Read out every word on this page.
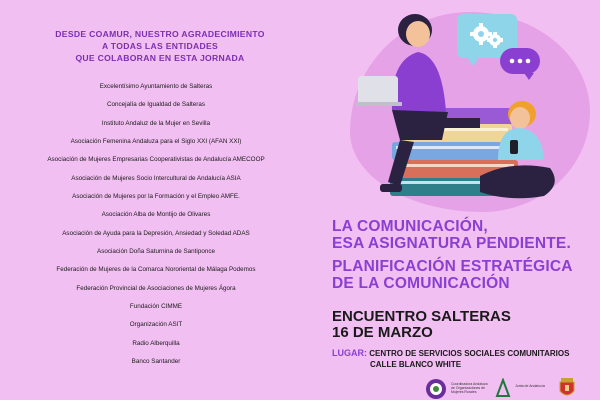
DESDE COAMUR, NUESTRO AGRADECIMIENTO
A TODAS LAS ENTIDADES
QUE COLABORAN EN ESTA JORNADA
Excelentísimo Ayuntamiento de Salteras
Concejalía de Igualdad de Salteras
Instituto Andaluz de la Mujer en Sevilla
Asociación Femenina Andaluza para el Siglo XXI (AFAN XXI)
Asociación de Mujeres Empresarias Cooperativistas de Andalucía AMECOOP
Asociación de Mujeres Socio Intercultural de Andalucía ASIA
Asociación de Mujeres por la Formación y el Empleo AMFE.
Asociación Alba de Montijo de Olivares
Asociación de Ayuda para la Depresión, Ansiedad y Soledad ADAS
Asociación Doña Saturnina de Santiponce
Federación de Mujeres de la Comarca Nororiental de Málaga Podemos
Federación Provincial de Asociaciones de Mujeres Ágora
Fundación CIMME
Organización ASIT
Radio Alberquilla
Banco Santander
LA COMUNICACIÓN,
ESA ASIGNATURA PENDIENTE.
PLANIFICACIÓN ESTRATÉGICA
DE LA COMUNICACIÓN
ENCUENTRO SALTERAS
16 DE MARZO
LUGAR: CENTRO DE SERVICIOS SOCIALES COMUNITARIOS
CALLE BLANCO WHITE
Coordinadora Andaluza de Organizaciones de Mujeres Rurales
Junta de Andalucía
